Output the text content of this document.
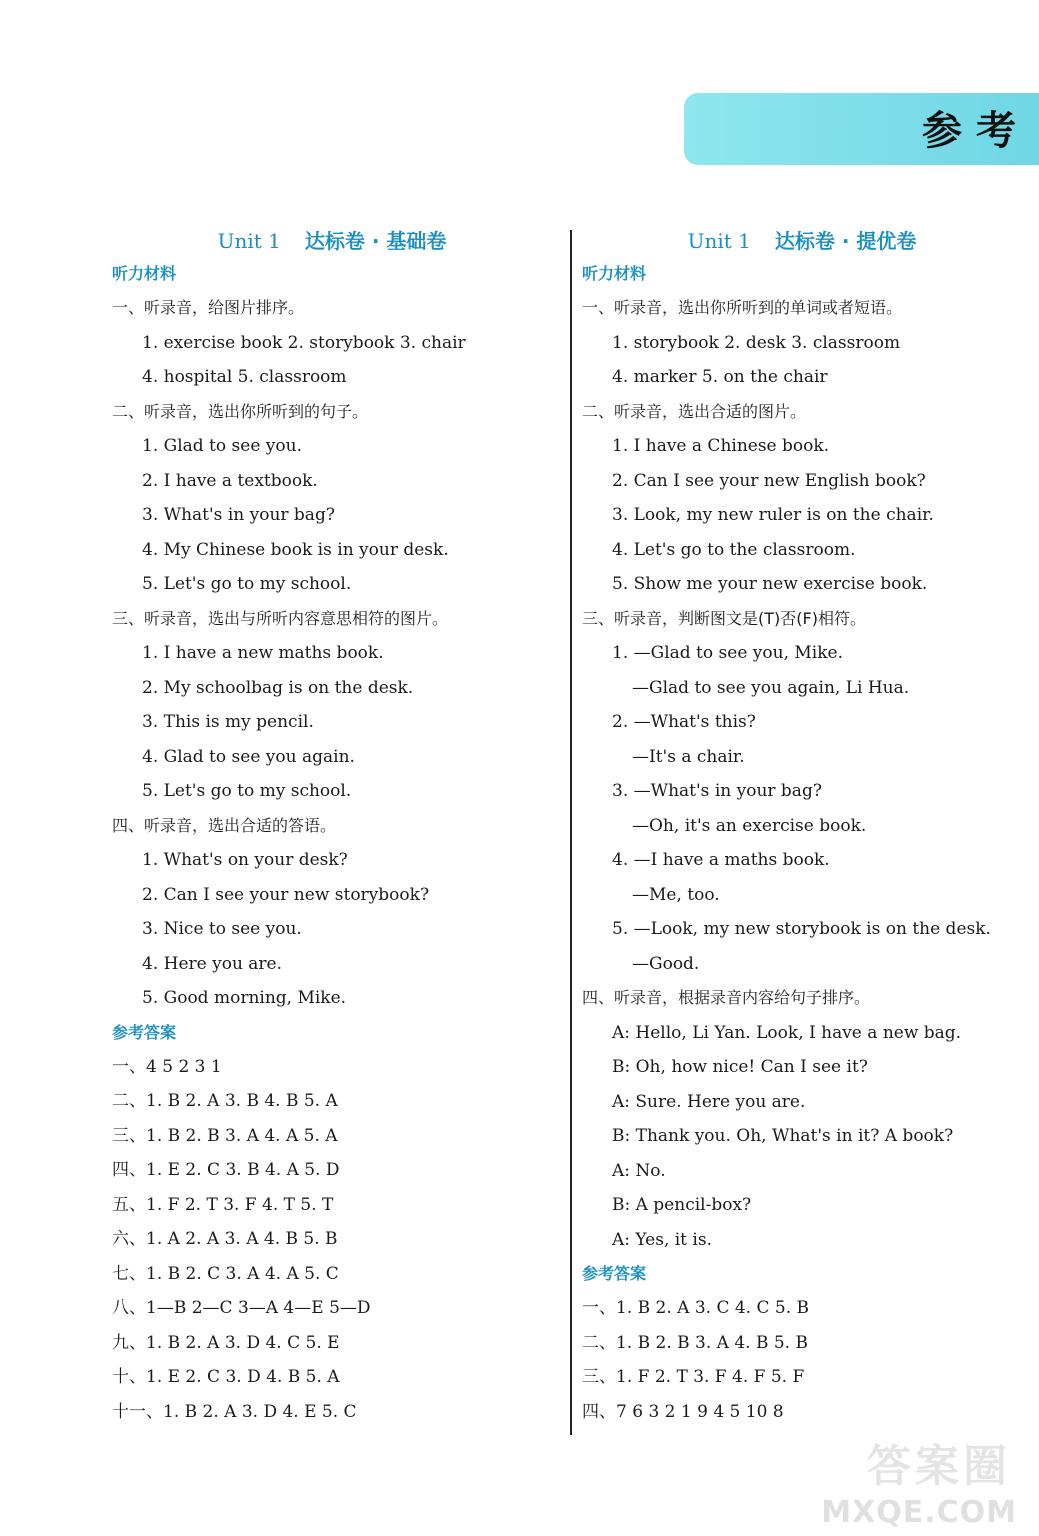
参考
Unit 1 达标卷 · 基础卷
听力材料
一、听录音，给图片排序。
1. exercise book 2. storybook 3. chair
4. hospital 5. classroom
二、听录音，选出你所听到的句子。
1. Glad to see you.
2. I have a textbook.
3. What's in your bag?
4. My Chinese book is in your desk.
5. Let's go to my school.
三、听录音，选出与所听内容意思相符的图片。
1. I have a new maths book.
2. My schoolbag is on the desk.
3. This is my pencil.
4. Glad to see you again.
5. Let's go to my school.
四、听录音，选出合适的答语。
1. What's on your desk?
2. Can I see your new storybook?
3. Nice to see you.
4. Here you are.
5. Good morning, Mike.
参考答案
一、4 5 2 3 1
二、1. B 2. A 3. B 4. B 5. A
三、1. B 2. B 3. A 4. A 5. A
四、1. E 2. C 3. B 4. A 5. D
五、1. F 2. T 3. F 4. T 5. T
六、1. A 2. A 3. A 4. B 5. B
七、1. B 2. C 3. A 4. A 5. C
八、1—B 2—C 3—A 4—E 5—D
九、1. B 2. A 3. D 4. C 5. E
十、1. E 2. C 3. D 4. B 5. A
十一、1. B 2. A 3. D 4. E 5. C
Unit 1 达标卷 · 提优卷
听力材料
一、听录音，选出你所听到的单词或者短语。
1. storybook 2. desk 3. classroom
4. marker 5. on the chair
二、听录音，选出合适的图片。
1. I have a Chinese book.
2. Can I see your new English book?
3. Look, my new ruler is on the chair.
4. Let's go to the classroom.
5. Show me your new exercise book.
三、听录音，判断图文是(T)否(F)相符。
1. —Glad to see you, Mike.
—Glad to see you again, Li Hua.
2. —What's this?
—It's a chair.
3. —What's in your bag?
—Oh, it's an exercise book.
4. —I have a maths book.
—Me, too.
5. —Look, my new storybook is on the desk.
—Good.
四、听录音，根据录音内容给句子排序。
A: Hello, Li Yan. Look, I have a new bag.
B: Oh, how nice! Can I see it?
A: Sure. Here you are.
B: Thank you. Oh, What's in it? A book?
A: No.
B: A pencil-box?
A: Yes, it is.
参考答案
一、1. B 2. A 3. C 4. C 5. B
二、1. B 2. B 3. A 4. B 5. B
三、1. F 2. T 3. F 4. F 5. F
四、7 6 3 2 1 9 4 5 10 8
答案圈
MXQE.COM
